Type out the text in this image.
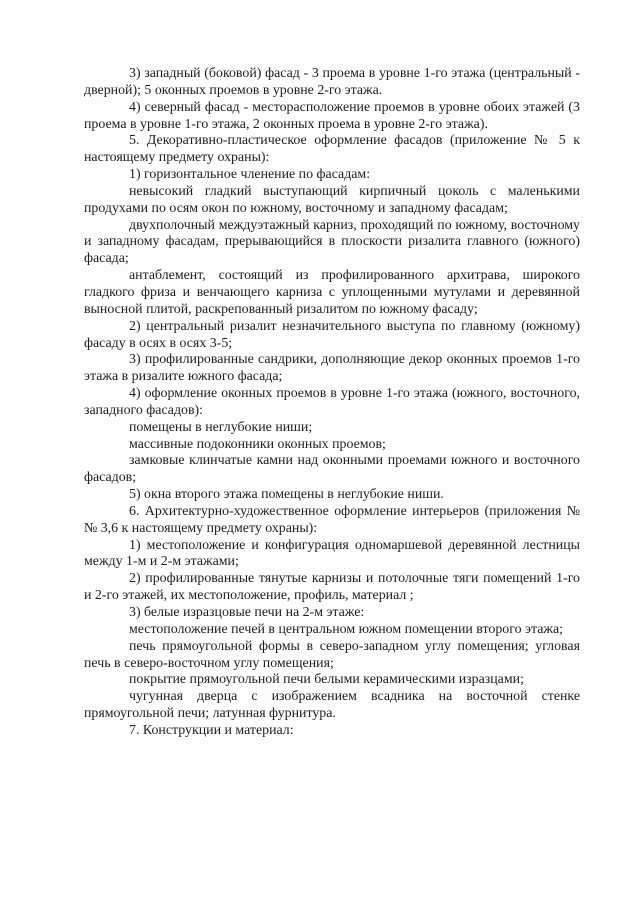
3) западный (боковой) фасад - 3 проема в уровне 1-го этажа (центральный - дверной); 5 оконных проемов в уровне 2-го этажа.

4) северный фасад - месторасположение проемов в уровне обоих этажей (3 проема в уровне 1-го этажа, 2 оконных проема в уровне 2-го этажа).

5. Декоративно-пластическое оформление фасадов (приложение № 5 к настоящему предмету охраны):

1) горизонтальное членение по фасадам:

невысокий гладкий выступающий кирпичный цоколь с маленькими продухами по осям окон по южному, восточному и западному фасадам;

двухполочный междуэтажный карниз, проходящий по южному, восточному и западному фасадам, прерывающийся в плоскости ризалита главного (южного) фасада;

антаблемент, состоящий из профилированного архитрава, широкого гладкого фриза и венчающего карниза с уплощенными мутулами и деревянной выносной плитой, раскрепованный ризалитом по южному фасаду;

2) центральный ризалит незначительного выступа по главному (южному) фасаду в осях в осях 3-5;

3) профилированные сандрики, дополняющие декор оконных проемов 1-го этажа в ризалите южного фасада;

4) оформление оконных проемов в уровне 1-го этажа (южного, восточного, западного фасадов):

помещены в неглубокие ниши;

массивные подоконники оконных проемов;

замковые клинчатые камни над оконными проемами южного и восточного фасадов;

5) окна второго этажа помещены в неглубокие ниши.

6. Архитектурно-художественное оформление интерьеров (приложения №№ 3,6 к настоящему предмету охраны):

1) местоположение и конфигурация одномаршевой деревянной лестницы между 1-м и 2-м этажами;

2) профилированные тянутые карнизы и потолочные тяги помещений 1-го и 2-го этажей, их местоположение, профиль, материал ;

3) белые изразцовые печи на 2-м этаже:

местоположение печей в центральном южном помещении второго этажа;

печь прямоугольной формы в северо-западном углу помещения; угловая печь в северо-восточном углу помещения;

покрытие прямоугольной печи белыми керамическими изразцами;

чугунная дверца с изображением всадника на восточной стенке прямоугольной печи; латунная фурнитура.

7. Конструкции и материал:
